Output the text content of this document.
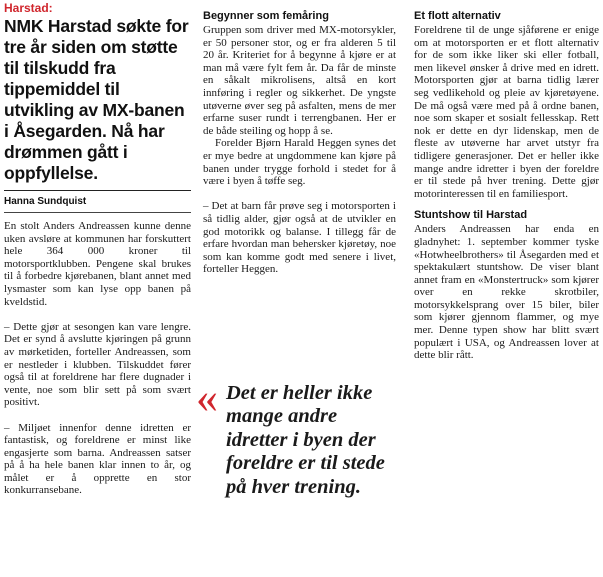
Harstad:
NMK Harstad søkte for tre år siden om støtte til tilskudd fra tippemiddel til utvikling av MX-banen i Åsegarden. Nå har drømmen gått i oppfyllelse.
Hanna Sundquist

En stolt Anders Andreassen kunne denne uken avsløre at kommunen har forskuttert hele 364 000 kroner til motorsportklubben. Pengene skal brukes til å forbedre kjørebanen, blant annet med lysmaster som kan lyse opp banen på kveldstid.

– Dette gjør at sesongen kan vare lengre. Det er synd å avslutte kjøringen på grunn av mørketiden, forteller Andreassen, som er nestleder i klubben. Tilskuddet fører også til at foreldrene har flere dugnader i vente, noe som blir sett på som svært positivt.

– Miljøet innenfor denne idretten er fantastisk, og foreldrene er minst like engasjerte som barna. Andreassen satser på å ha hele banen klar innen to år, og målet er å opprette en stor konkurransebane.

Begynner som femåring

Gruppen som driver med MX-motorsykler, er 50 personer stor, og er fra alderen 5 til 20 år. Kriteriet for å begynne å kjøre er at man må være fylt fem år. Da får de minste en såkalt mikrolisens, altså en kort innføring i regler og sikkerhet. De yngste utøverne øver seg på asfalten, mens de mer erfarne suser rundt i terrengbanen. Her er de både steiling og hopp å se.

Forelder Bjørn Harald Heggen synes det er mye bedre at ungdommene kan kjøre på banen under trygge forhold i stedet for å være i byen å tøffe seg.

– Det at barn får prøve seg i motorsporten i så tidlig alder, gjør også at de utvikler en god motorikk og balanse. I tillegg får de erfare hvordan man behersker kjøretøy, noe som kan komme godt med senere i livet, forteller Heggen.

« Det er heller ikke mange andre idretter i byen der foreldre er til stede på hver trening.

Et flott alternativ

Foreldrene til de unge sjåførene er enige om at motorsporten er et flott alternativ for de som ikke liker ski eller fotball, men likevel ønsker å drive med en idrett. Motorsporten gjør at barna tidlig lærer seg vedlikehold og pleie av kjøretøyene. De må også være med på å ordne banen, noe som skaper et sosialt fellesskap. Rett nok er dette en dyr lidenskap, men de fleste av utøverne har arvet utstyr fra tidligere generasjoner. Det er heller ikke mange andre idretter i byen der foreldre er til stede på hver trening. Dette gjør motorinteressen til en familiesport.

Stuntshow til Harstad

Anders Andreassen har enda en gladnyhet: 1. september kommer tyske «Hotwheelbrothers» til Åsegarden med et spektakulært stuntshow. De viser blant annet fram en «Monstertruck» som kjører over en rekke skrotbiler, motorsykkelsprang over 15 biler, biler som kjører gjennom flammer, og mye mer. Denne typen show har blitt svært populært i USA, og Andreassen lover at dette blir rått.
